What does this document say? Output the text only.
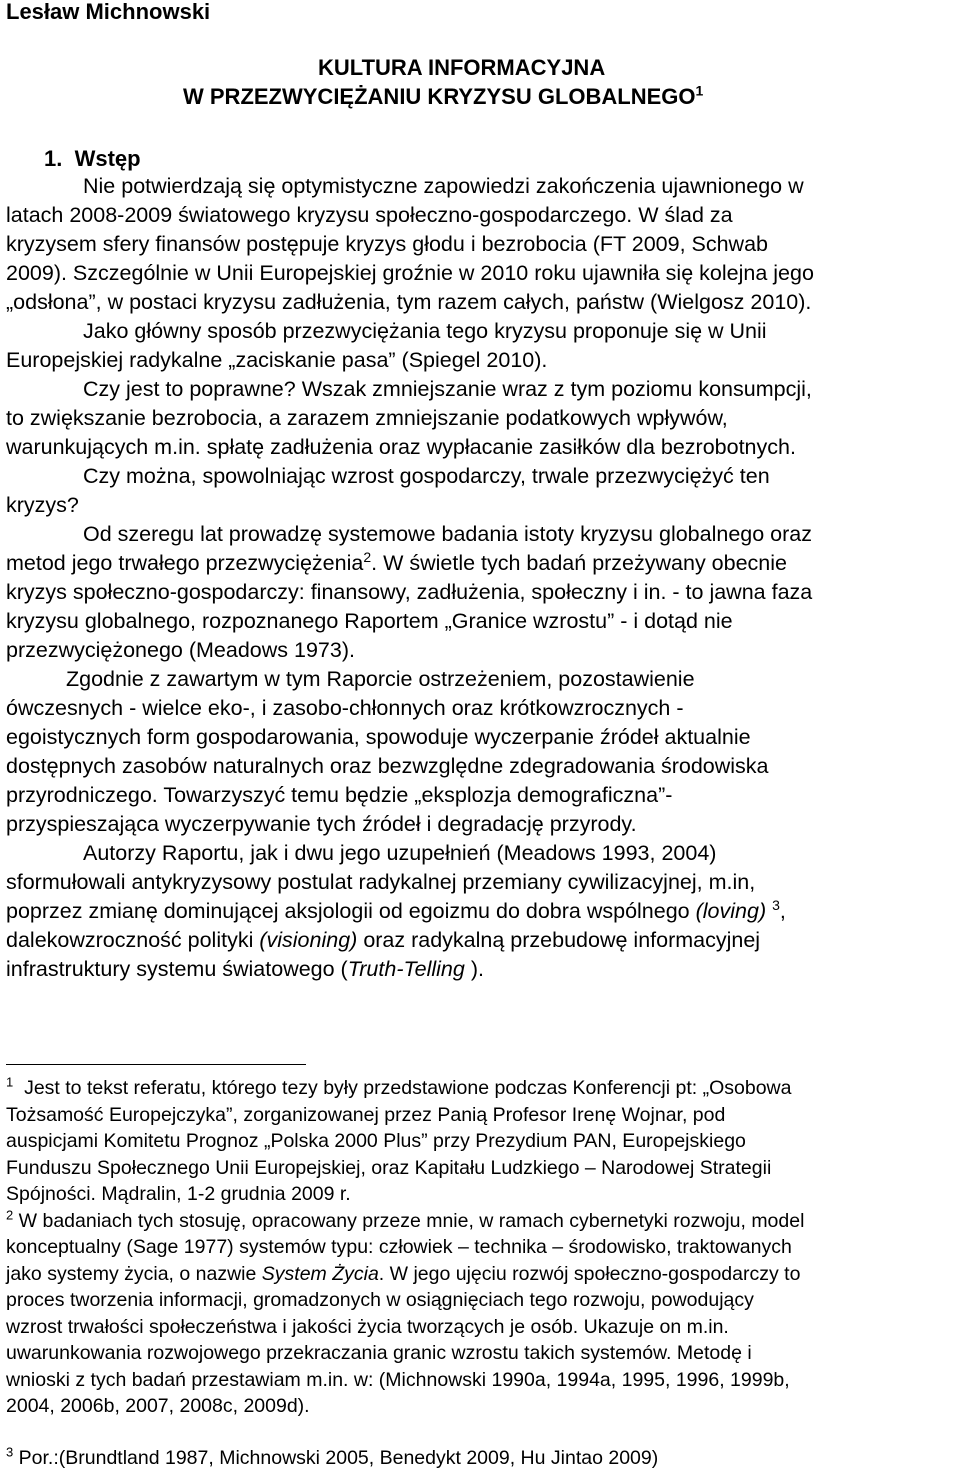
Lesław Michnowski
KULTURA INFORMACYJNA
W PRZEZWYCIĘŻANIU KRYZYSU GLOBALNEGO$^1$
1. Wstęp
Nie potwierdzają się optymistyczne zapowiedzi zakończenia ujawnionego w
latach 2008-2009 światowego kryzysu społeczno-gospodarczego. W ślad za
kryzysem sfery finansów postępuje kryzys głodu i bezrobocia (FT 2009, Schwab
2009). Szczególnie w Unii Europejskiej groźnie w 2010 roku ujawniła się kolejna jego
„odsłona”, w postaci kryzysu zadłużenia, tym razem całych, państw (Wielgosz 2010).
Jako główny sposób przezwyciężania tego kryzysu proponuje się w Unii
Europejskiej radykalne „zaciskanie pasa” (Spiegel 2010).
Czy jest to poprawne? Wszak zmniejszanie wraz z tym poziomu konsumpcji,
to zwiększanie bezrobocia, a zarazem zmniejszanie podatkowych wpływów,
warunkujących m.in. spłatę zadłużenia oraz wypłacanie zasiłków dla bezrobotnych.
Czy można, spowolniając wzrost gospodarczy, trwale przezwyciężyć ten
kryzys?
Od szeregu lat prowadzę systemowe badania istoty kryzysu globalnego oraz
metod jego trwałego przezwyciężenia$^2$. W świetle tych badań przeżywany obecnie
kryzys społeczno-gospodarczy: finansowy, zadłużenia, społeczny i in. - to jawna faza
kryzysu globalnego, rozpoznanego Raportem „Granice wzrostu” - i dotąd nie
przezwyciężonego (Meadows 1973).
Zgodnie z zawartym w tym Raporcie ostrzeżeniem, pozostawienie
ówczesnych - wielce eko-, i zasobo-chłonnych oraz krótkowzrocznych -
egoistycznych form gospodarowania, spowoduje wyczerpanie źródeł aktualnie
dostępnych zasobów naturalnych oraz bezwzględne zdegradowania środowiska
przyrodniczego. Towarzyszyć temu będzie „eksplozja demograficzna”-
przyspieszająca wyczerpywanie tych źródeł i degradację przyrody.
Autorzy Raportu, jak i dwu jego uzupełnień (Meadows 1993, 2004)
sformułowali antykryzysowy postulat radykalnej przemiany cywilizacyjnej, m.in,
poprzez zmianę dominującej aksjologii od egoizmu do dobra wspólnego (loving) $^3$,
dalekowzroczność polityki (visioning) oraz radykalną przebudowę informacyjnej
infrastruktury systemu światowego (Truth-Telling ).
$^1$ Jest to tekst referatu, którego tezy były przedstawione podczas Konferencji pt: „Osobowa
Tożsamość Europejczyka”, zorganizowanej przez Panią Profesor Irenę Wojnar, pod
auspicjami Komitetu Prognoz „Polska 2000 Plus” przy Prezydium PAN, Europejskiego
Funduszu Społecznego Unii Europejskiej, oraz Kapitału Ludzkiego – Narodowej Strategii
Spójności. Mądralin, 1-2 grudnia 2009 r.
$^2$ W badaniach tych stosuję, opracowany przeze mnie, w ramach cybernetyki rozwoju, model
konceptualny (Sage 1977) systemów typu: człowiek – technika – środowisko, traktowanych
jako systemy życia, o nazwie System Życia. W jego ujęciu rozwój społeczno-gospodarczy to
proces tworzenia informacji, gromadzonych w osiągnięciach tego rozwoju, powodujący
wzrost trwałości społeczeństwa i jakości życia tworzących je osób. Ukazuje on m.in.
uwarunkowania rozwojowego przekraczania granic wzrostu takich systemów. Metodę i
wnioski z tych badań przestawiam m.in. w: (Michnowski 1990a, 1994a, 1995, 1996, 1999b,
2004, 2006b, 2007, 2008c, 2009d).
$^3$ Por.:(Brundtland 1987, Michnowski 2005, Benedykt 2009, Hu Jintao 2009)
